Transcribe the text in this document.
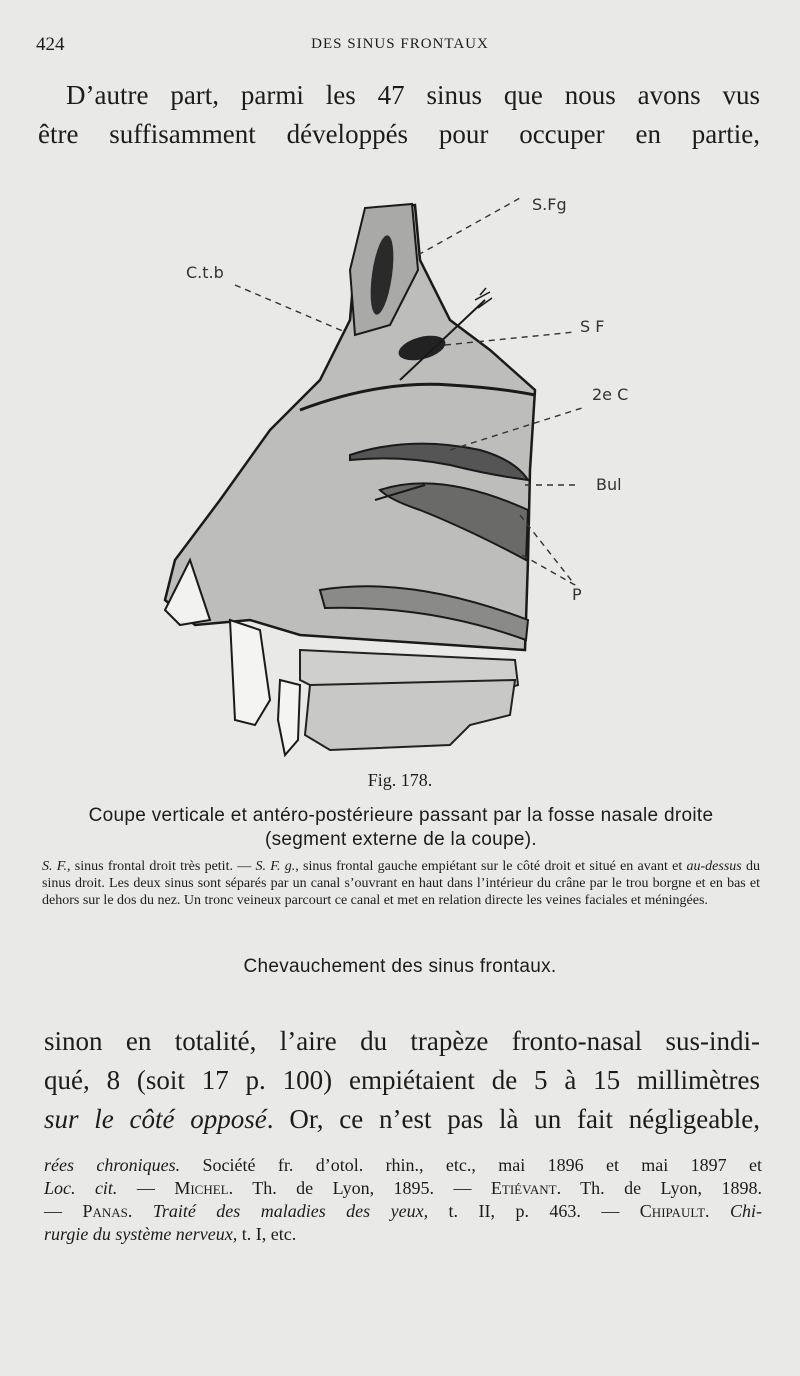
424	DES SINUS FRONTAUX
D’autre part, parmi les 47 sinus que nous avons vus
être suffisamment développés pour occuper en partie,
S.Fg
C.t.b
S F
2e C
Bul
P
Fig. 178.
Coupe verticale et antéro-postérieure passant par la fosse nasale droite
(segment externe de la coupe).
S. F., sinus frontal droit très petit. — S. F. g., sinus frontal gauche empiétant sur le côté droit et situé en avant et au-dessus du sinus droit. Les deux sinus sont séparés par un canal s’ouvrant en haut dans l’intérieur du crâne par le trou borgne et en bas et dehors sur le dos du nez. Un tronc veineux parcourt ce canal et met en relation directe les veines faciales et méningées.
Chevauchement des sinus frontaux.
sinon en totalité, l’aire du trapèze fronto-nasal sus-indi-
qué, 8 (soit 17 p. 100) empiétaient de 5 à 15 millimètres
sur le côté opposé. Or, ce n’est pas là un fait négligeable,
rées chroniques. Société fr. d’otol. rhin., etc., mai 1896 et mai 1897 et
Loc. cit. — Michel. Th. de Lyon, 1895. — Etiévant. Th. de Lyon, 1898.
— Panas. Traité des maladies des yeux, t. II, p. 463. — Chipault. Chi-
rurgie du système nerveux, t. I, etc.
